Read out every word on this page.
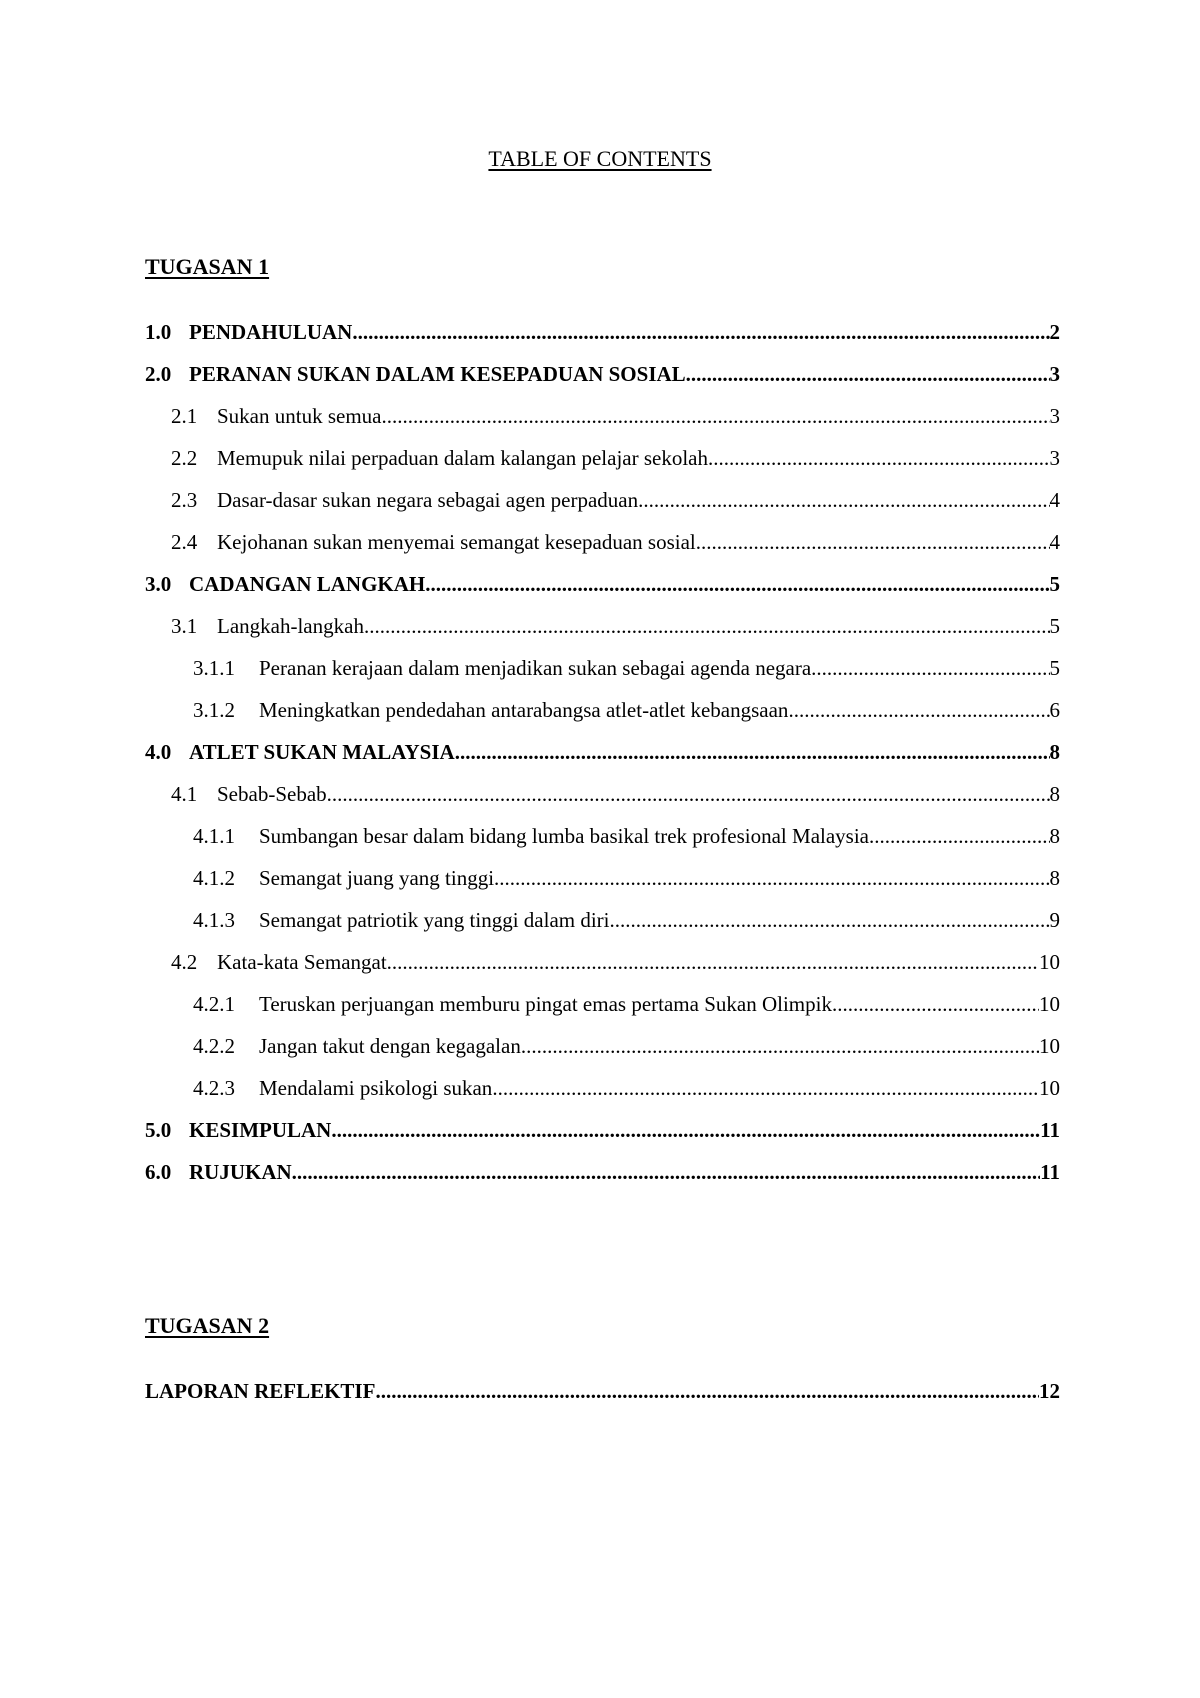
TABLE OF CONTENTS
TUGASAN 1
1.0 PENDAHULUAN .....	2
2.0 PERANAN SUKAN DALAM KESEPADUAN SOSIAL .....	3
2.1 Sukan untuk semua .....	3
2.2 Memupuk nilai perpaduan dalam kalangan pelajar sekolah .....	3
2.3 Dasar-dasar sukan negara sebagai agen perpaduan .....	4
2.4 Kejohanan sukan menyemai semangat kesepaduan sosial .....	4
3.0 CADANGAN LANGKAH .....	5
3.1 Langkah-langkah .....	5
3.1.1	Peranan kerajaan dalam menjadikan sukan sebagai agenda negara .....	5
3.1.2	Meningkatkan pendedahan antarabangsa atlet-atlet kebangsaan .....	6
4.0 ATLET SUKAN MALAYSIA .....	8
4.1 Sebab-Sebab .....	8
4.1.1	Sumbangan besar dalam bidang lumba basikal trek profesional Malaysia .....	8
4.1.2	Semangat juang yang tinggi .....	8
4.1.3	Semangat patriotik yang tinggi dalam diri .....	9
4.2 Kata-kata Semangat .....	10
4.2.1	Teruskan perjuangan memburu pingat emas pertama Sukan Olimpik .....	10
4.2.2	Jangan takut dengan kegagalan .....	10
4.2.3	Mendalami psikologi sukan .....	10
5.0 KESIMPULAN .....	11
6.0 RUJUKAN .....	11
TUGASAN 2
LAPORAN REFLEKTIF .....	12
